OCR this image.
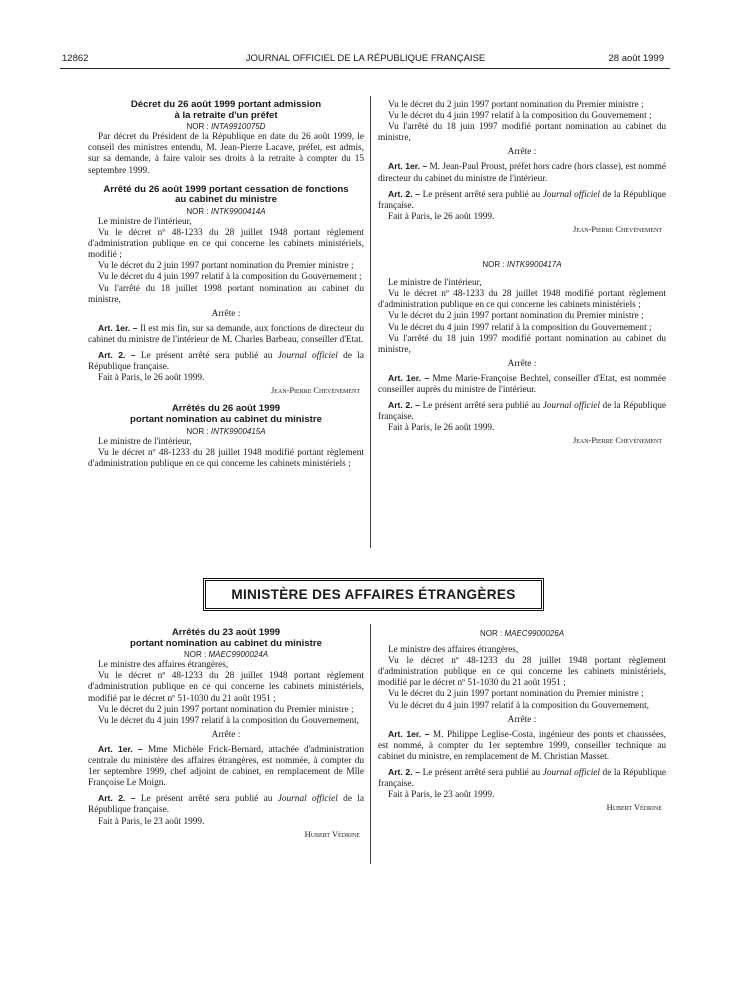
12862	JOURNAL OFFICIEL DE LA RÉPUBLIQUE FRANÇAISE	28 août 1999

Décret du 26 août 1999 portant admission

à la retraite d'un préfet

NOR : INTA9910075D

Par décret du Président de la République en date du 26 août 1999, le conseil des ministres entendu, M. Jean-Pierre Lacave, préfet, est admis, sur sa demande, à faire valoir ses droits à la retraite à compter du 15 septembre 1999.

Arrêté du 26 août 1999 portant cessation de fonctions

au cabinet du ministre

NOR : INTK9900414A

Le ministre de l'intérieur,

Vu le décret nº 48-1233 du 28 juillet 1948 portant règlement d'administration publique en ce qui concerne les cabinets ministériels, modifié ;

Vu le décret du 2 juin 1997 portant nomination du Premier ministre ;

Vu le décret du 4 juin 1997 relatif à la composition du Gouvernement ;

Vu l'arrêté du 18 juillet 1998 portant nomination au cabinet du ministre,

Arrête :

Art. 1er. – Il est mis fin, sur sa demande, aux fonctions de directeur du cabinet du ministre de l'intérieur de M. Charles Barbeau, conseiller d'Etat.

Art. 2. – Le présent arrêté sera publié au Journal officiel de la République française.

Fait à Paris, le 26 août 1999.

Jean-Pierre Chevènement

Arrêtés du 26 août 1999

portant nomination au cabinet du ministre

NOR : INTK9900415A

Le ministre de l'intérieur,

Vu le décret nº 48-1233 du 28 juillet 1948 modifié portant règlement d'administration publique en ce qui concerne les cabinets ministériels ;

Vu le décret du 2 juin 1997 portant nomination du Premier ministre ;

Vu le décret du 4 juin 1997 relatif à la composition du Gouvernement ;

Vu l'arrêté du 18 juin 1997 modifié portant nomination au cabinet du ministre,

Arrête :

Art. 1er. – M. Jean-Paul Proust, préfet hors cadre (hors classe), est nommé directeur du cabinet du ministre de l'intérieur.

Art. 2. – Le présent arrêté sera publié au Journal officiel de la République française.

Fait à Paris, le 26 août 1999.

Jean-Pierre Chevènement

NOR : INTK9900417A

Le ministre de l'intérieur,

Vu le décret nº 48-1233 du 28 juillet 1948 modifié portant règlement d'administration publique en ce qui concerne les cabinets ministériels ;

Vu le décret du 2 juin 1997 portant nomination du Premier ministre ;

Vu le décret du 4 juin 1997 relatif à la composition du Gouvernement ;

Vu l'arrêté du 18 juin 1997 modifié portant nomination au cabinet du ministre,

Arrête :

Art. 1er. – Mme Marie-Françoise Bechtel, conseiller d'Etat, est nommée conseiller auprès du ministre de l'intérieur.

Art. 2. – Le présent arrêté sera publié au Journal officiel de la République française.

Fait à Paris, le 26 août 1999.

Jean-Pierre Chevènement

MINISTÈRE DES AFFAIRES ÉTRANGÈRES

Arrêtés du 23 août 1999

portant nomination au cabinet du ministre

NOR : MAEC9900024A

Le ministre des affaires étrangères,

Vu le décret nº 48-1233 du 28 juillet 1948 portant règlement d'administration publique en ce qui concerne les cabinets ministériels, modifié par le décret nº 51-1030 du 21 août 1951 ;

Vu le décret du 2 juin 1997 portant nomination du Premier ministre ;

Vu le décret du 4 juin 1997 relatif à la composition du Gouvernement,

Arrête :

Art. 1er. – Mme Michèle Frick-Bernard, attachée d'administration centrale du ministère des affaires étrangères, est nommée, à compter du 1er septembre 1999, chef adjoint de cabinet, en remplacement de Mlle Françoise Le Moign.

Art. 2. – Le présent arrêté sera publié au Journal officiel de la République française.

Fait à Paris, le 23 août 1999.

Hubert Védrine

NOR : MAEC9900026A

Le ministre des affaires étrangères,

Vu le décret nº 48-1233 du 28 juillet 1948 portant règlement d'administration publique en ce qui concerne les cabinets ministériels, modifié par le décret nº 51-1030 du 21 août 1951 ;

Vu le décret du 2 juin 1997 portant nomination du Premier ministre ;

Vu le décret du 4 juin 1997 relatif à la composition du Gouvernement,

Arrête :

Art. 1er. – M. Philippe Leglise-Costa, ingénieur des ponts et chaussées, est nommé, à compter du 1er septembre 1999, conseiller technique au cabinet du ministre, en remplacement de M. Christian Masset.

Art. 2. – Le présent arrêté sera publié au Journal officiel de la République française.

Fait à Paris, le 23 août 1999.

Hubert Védrine
